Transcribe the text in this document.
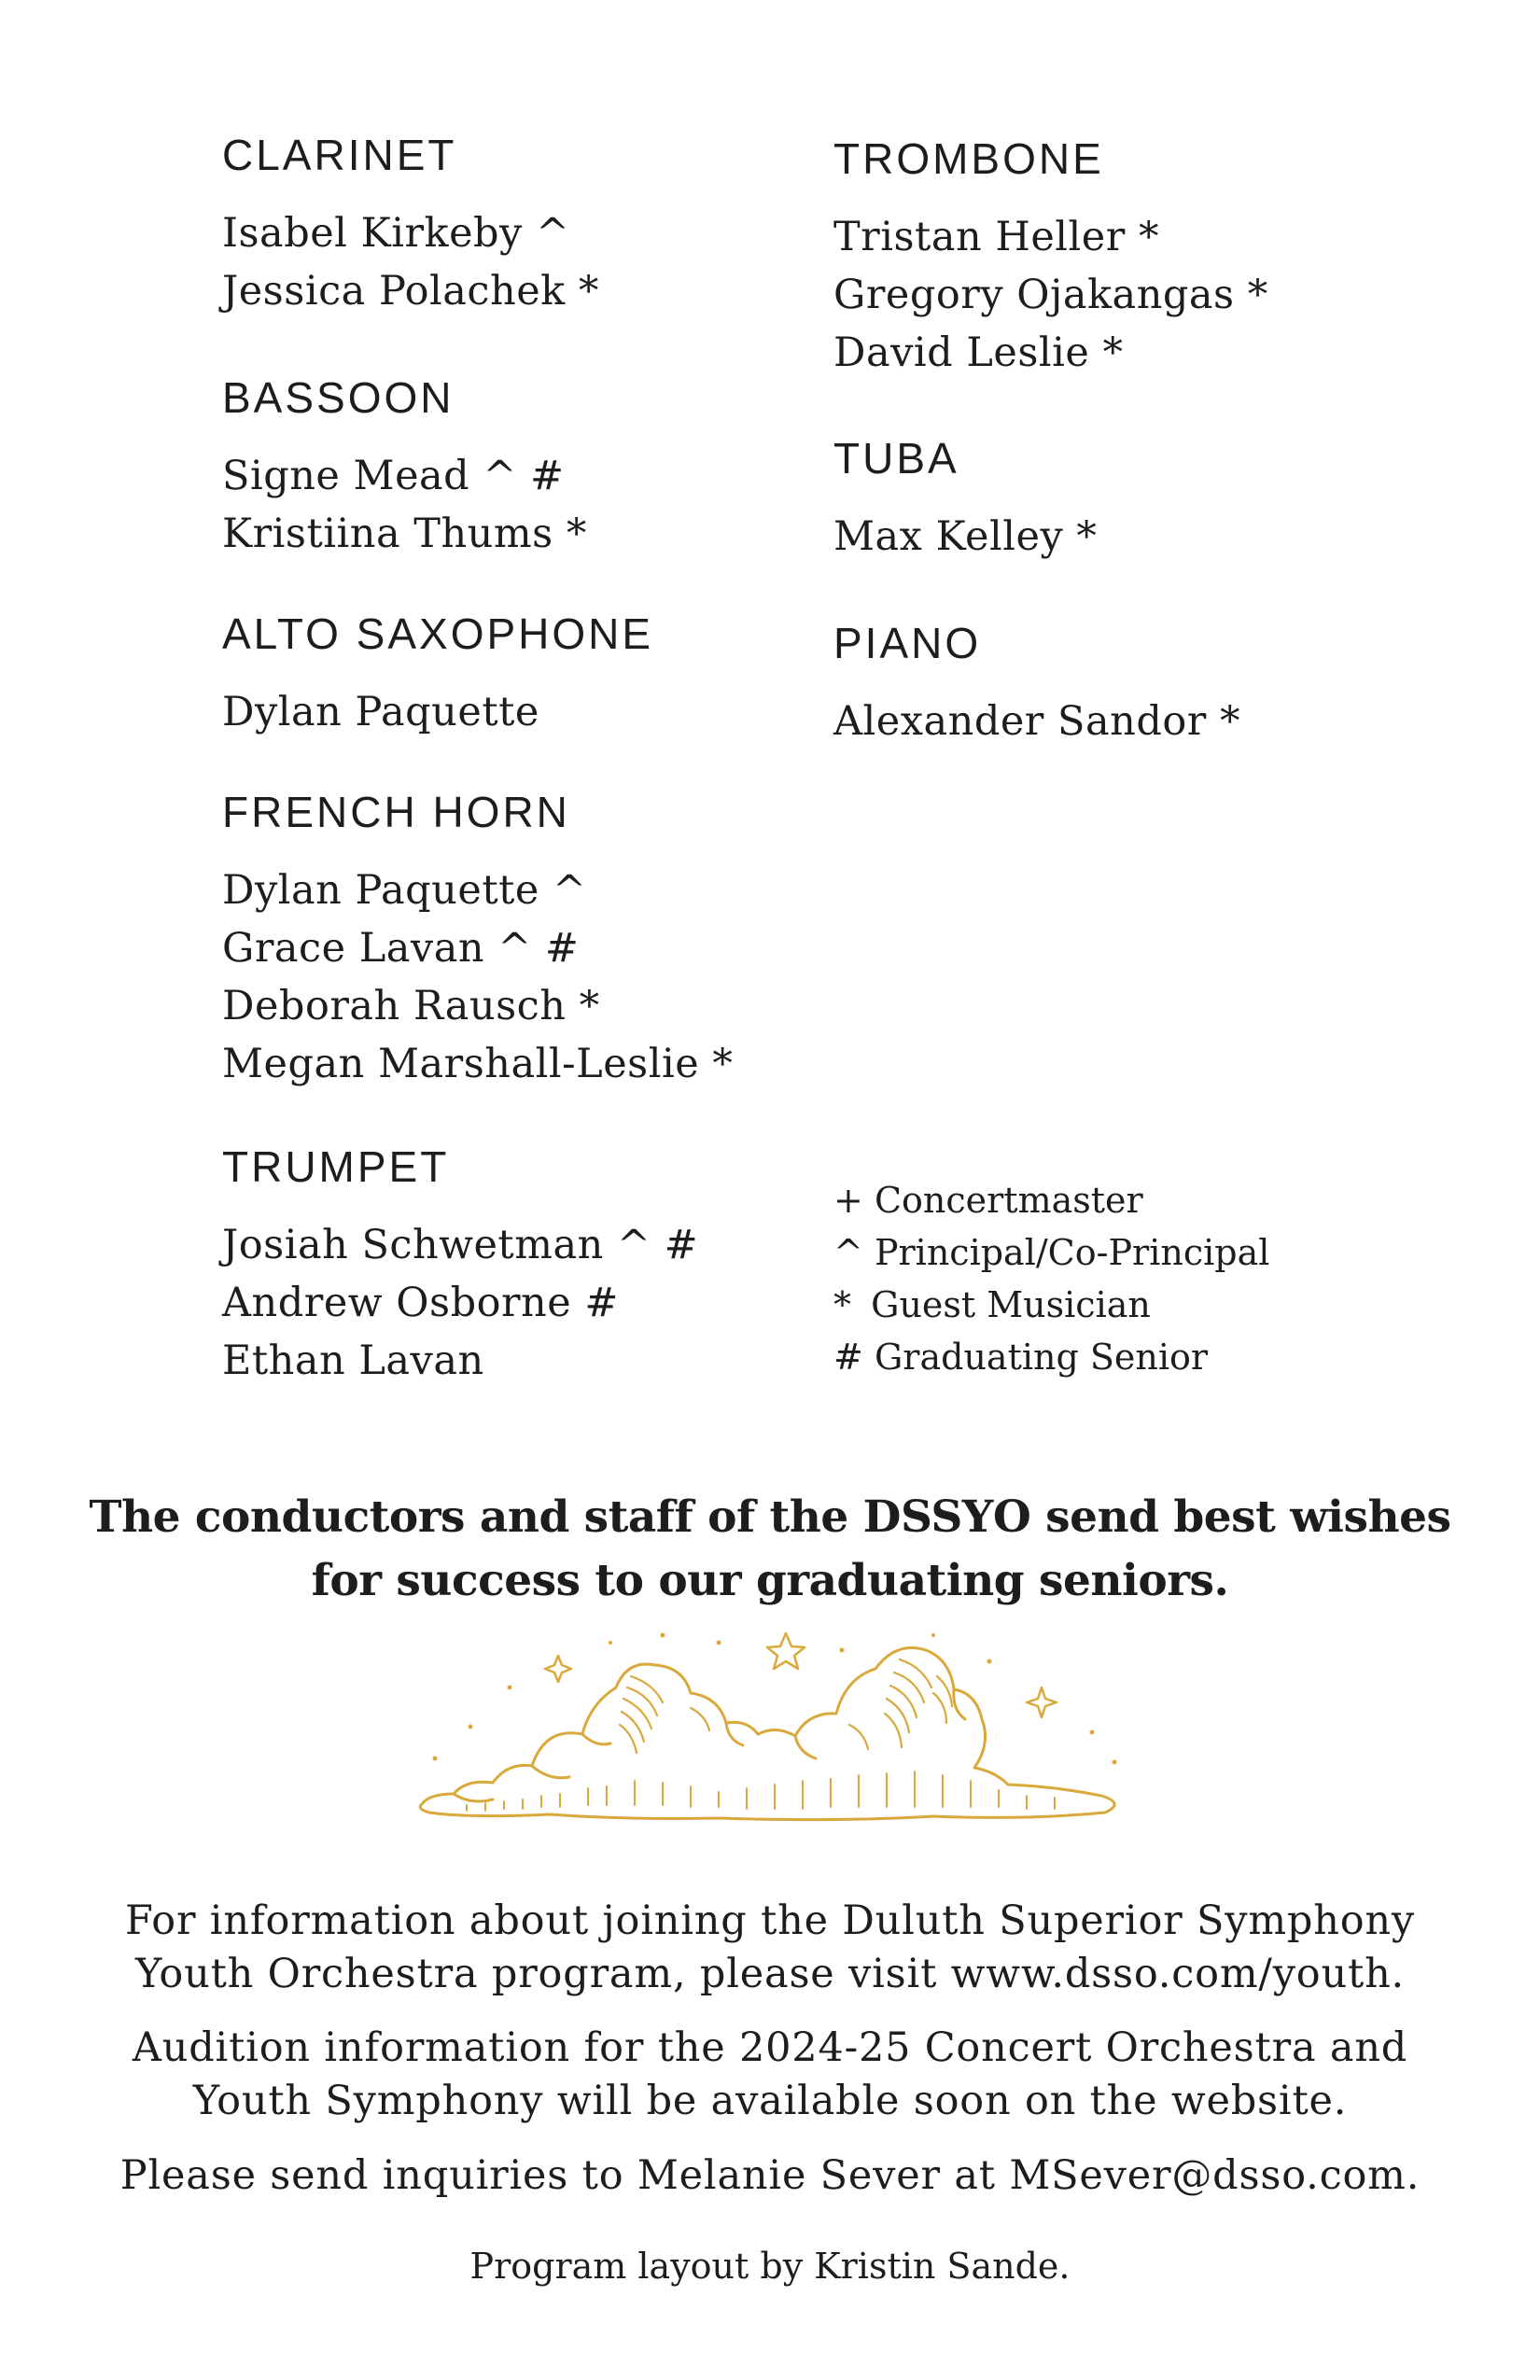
CLARINET
Isabel Kirkeby ^
Jessica Polachek *
BASSOON
Signe Mead ^ #
Kristiina Thums *
ALTO SAXOPHONE
Dylan Paquette
FRENCH HORN
Dylan Paquette ^
Grace Lavan ^ #
Deborah Rausch *
Megan Marshall-Leslie *
TRUMPET
Josiah Schwetman ^ #
Andrew Osborne #
Ethan Lavan
TROMBONE
Tristan Heller *
Gregory Ojakangas *
David Leslie *
TUBA
Max Kelley *
PIANO
Alexander Sandor *
+ Concertmaster
^ Principal/Co-Principal
* Guest Musician
# Graduating Senior

The conductors and staff of the DSSYO send best wishes
for success to our graduating seniors.

For information about joining the Duluth Superior Symphony
Youth Orchestra program, please visit www.dsso.com/youth.

Audition information for the 2024-25 Concert Orchestra and
Youth Symphony will be available soon on the website.

Please send inquiries to Melanie Sever at MSever@dsso.com.

Program layout by Kristin Sande.
